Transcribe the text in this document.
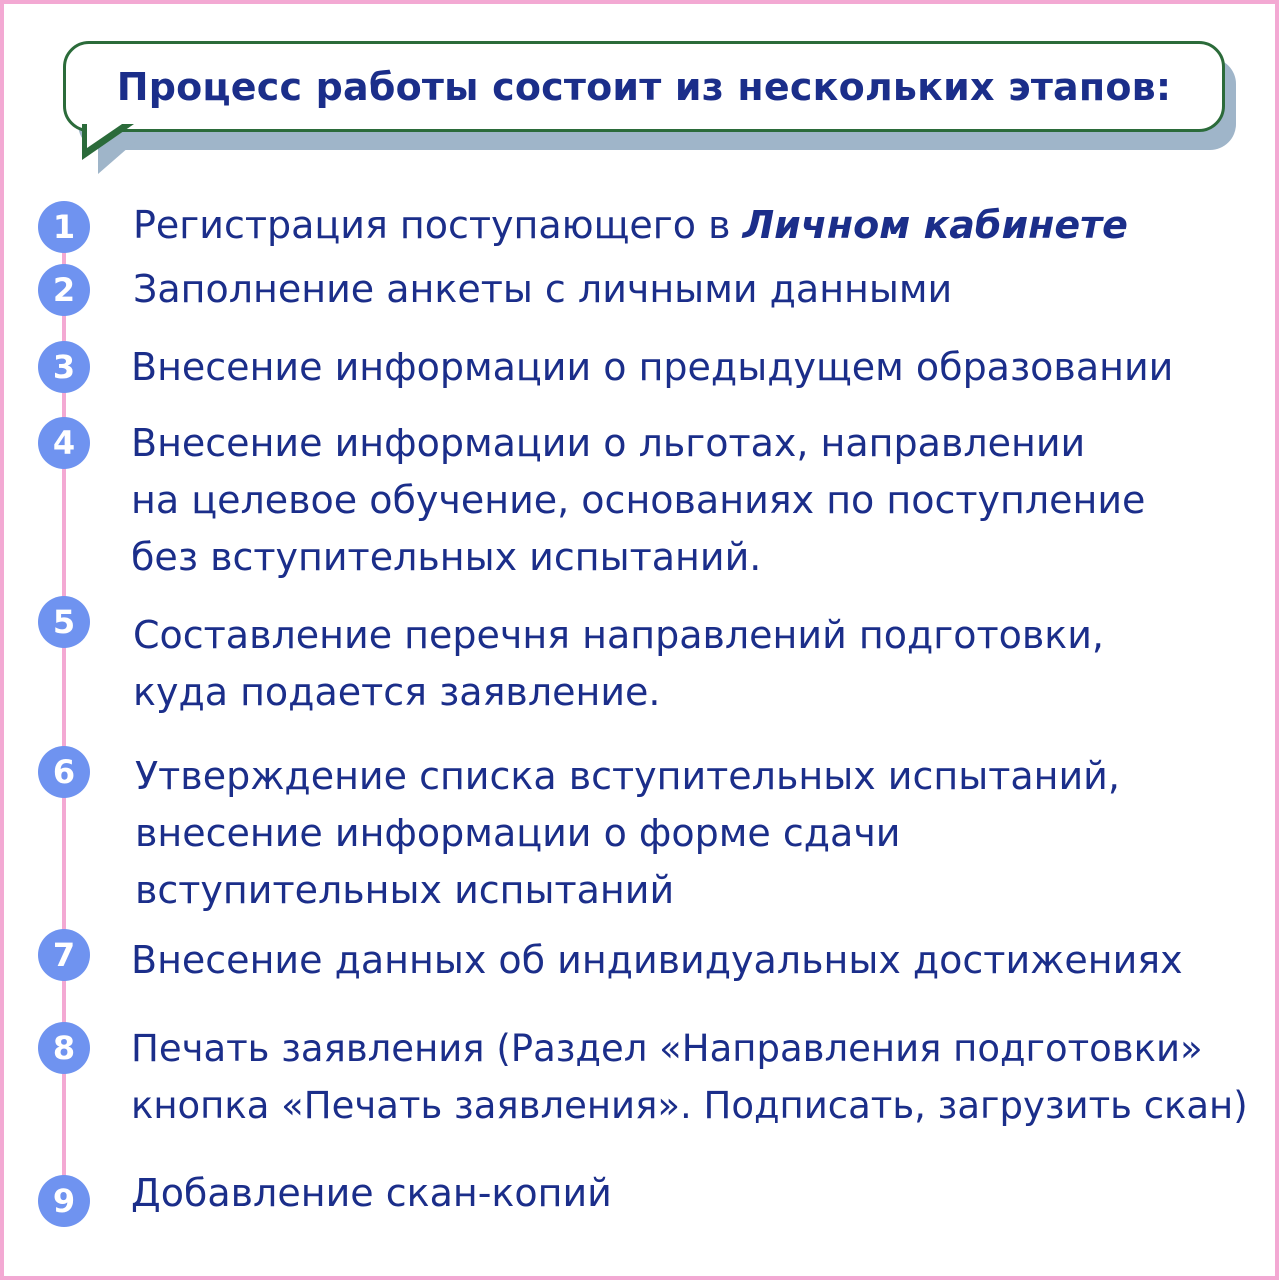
Процесс работы состоит из нескольких этапов:
1	Регистрация поступающего в Личном кабинете
2	Заполнение анкеты с личными данными
3	Внесение информации о предыдущем образовании
4	Внесение информации о льготах, направлении
на целевое обучение, основаниях по поступление
без вступительных испытаний.
5	Составление перечня направлений подготовки,
куда подается заявление.
6	Утверждение списка вступительных испытаний,
внесение информации о форме сдачи
вступительных испытаний
7	Внесение данных об индивидуальных достижениях
8	Печать заявления (Раздел «Направления подготовки»
кнопка «Печать заявления». Подписать, загрузить скан)
9	Добавление скан-копий
